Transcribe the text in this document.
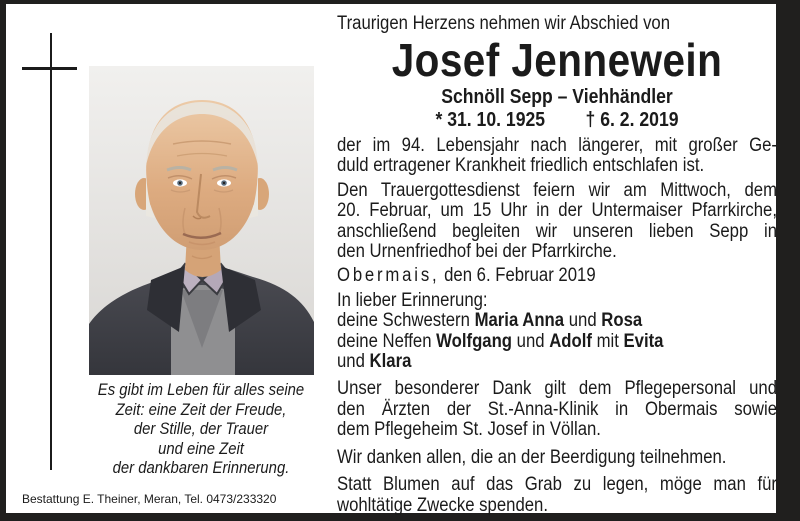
Es gibt im Leben für alles seine
Zeit: eine Zeit der Freude,
der Stille, der Trauer
und eine Zeit
der dankbaren Erinnerung.
Bestattung E. Theiner, Meran, Tel. 0473/233320
Traurigen Herzens nehmen wir Abschied von
Josef Jennewein
Schnöll Sepp – Viehhändler
* 31. 10. 1925 † 6. 2. 2019
der im 94. Lebensjahr nach längerer, mit großer Ge-
duld ertragener Krankheit friedlich entschlafen ist.
Den Trauergottesdienst feiern wir am Mittwoch, dem
20. Februar, um 15 Uhr in der Untermaiser Pfarrkirche,
anschließend begleiten wir unseren lieben Sepp in
den Urnenfriedhof bei der Pfarrkirche.
Obermais, den 6. Februar 2019
In lieber Erinnerung:
deine Schwestern Maria Anna und Rosa
deine Neffen Wolfgang und Adolf mit Evita
und Klara
Unser besonderer Dank gilt dem Pflegepersonal und
den Ärzten der St.-Anna-Klinik in Obermais sowie
dem Pflegeheim St. Josef in Völlan.
Wir danken allen, die an der Beerdigung teilnehmen.
Statt Blumen auf das Grab zu legen, möge man für
wohltätige Zwecke spenden.
